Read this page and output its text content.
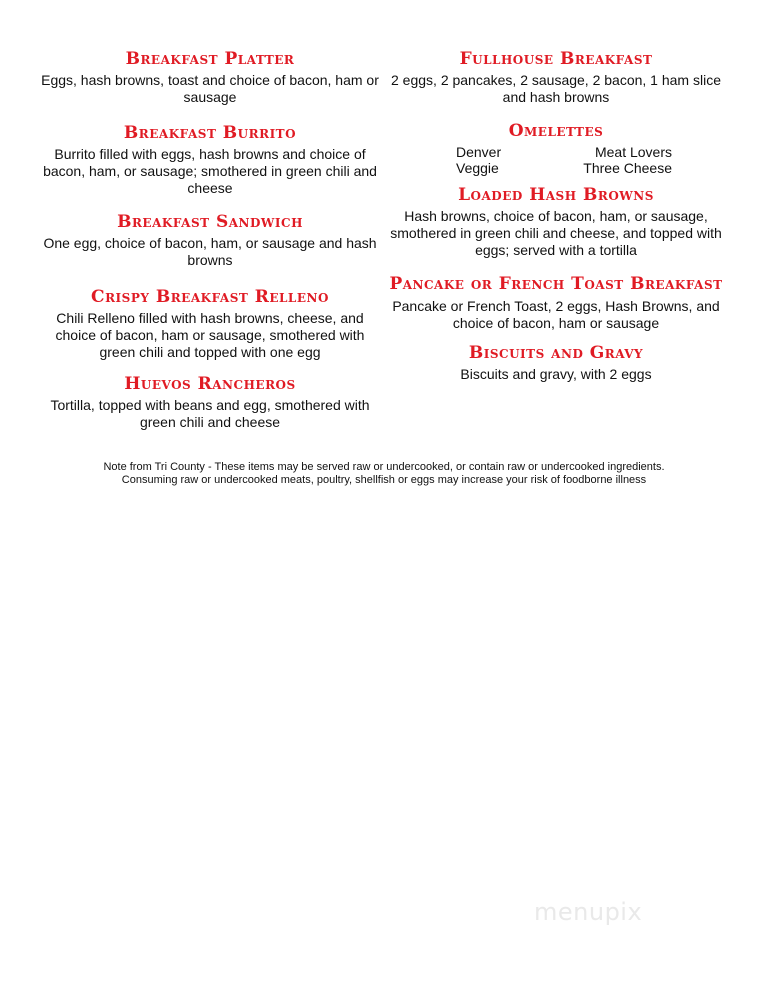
Breakfast Platter

Eggs, hash browns, toast and choice of bacon, ham or sausage

Breakfast Burrito

Burrito filled with eggs, hash browns and choice of bacon, ham, or sausage; smothered in green chili and cheese

Breakfast Sandwich

One egg, choice of bacon, ham, or sausage and hash browns

Crispy Breakfast Relleno

Chili Relleno filled with hash browns, cheese, and choice of bacon, ham or sausage, smothered with green chili and topped with one egg

Huevos Rancheros

Tortilla, topped with beans and egg, smothered with green chili and cheese

Fullhouse Breakfast

2 eggs, 2 pancakes, 2 sausage, 2 bacon, 1 ham slice and hash browns

Omelettes
Denver	Meat Lovers
Veggie	Three Cheese
Loaded Hash Browns

Hash browns, choice of bacon, ham, or sausage, smothered in green chili and cheese, and topped with eggs; served with a tortilla

Pancake or French Toast Breakfast

Pancake or French Toast, 2 eggs, Hash Browns, and choice of bacon, ham or sausage

Biscuits and Gravy

Biscuits and gravy, with 2 eggs

Note from Tri County - These items may be served raw or undercooked, or contain raw or undercooked ingredients.
Consuming raw or undercooked meats, poultry, shellfish or eggs may increase your risk of foodborne illness
menupix
